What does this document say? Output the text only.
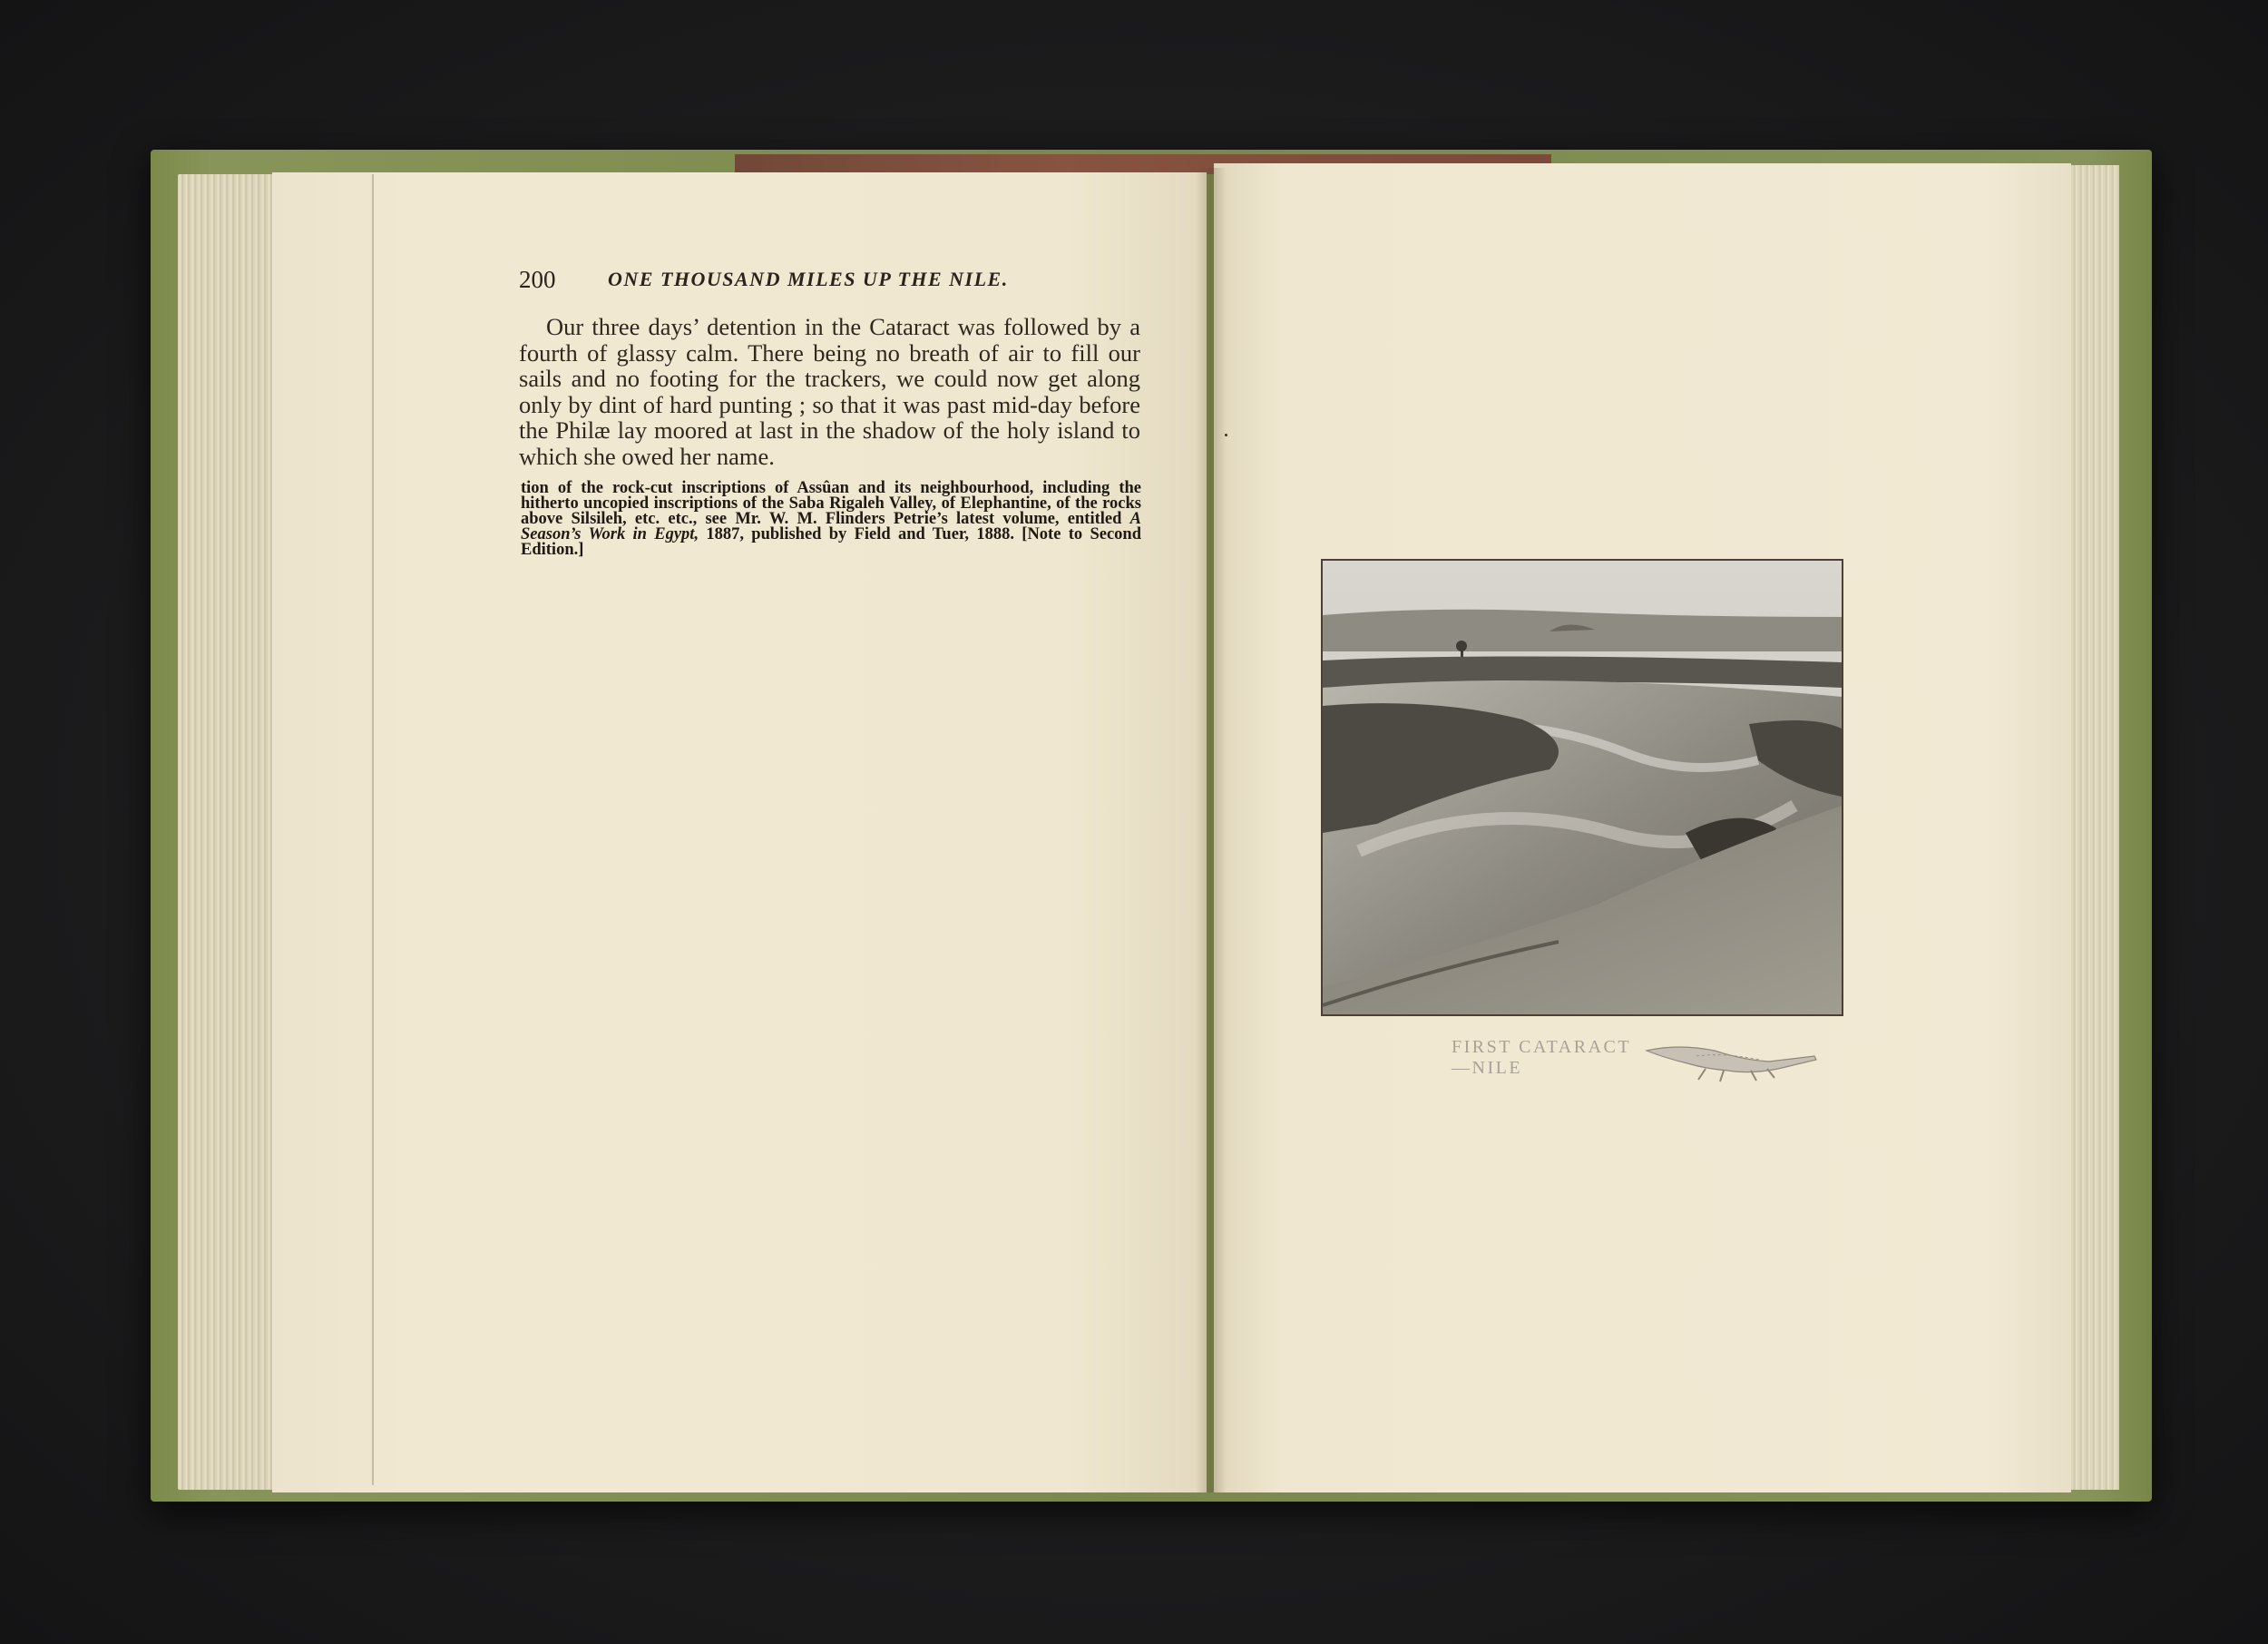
200	ONE THOUSAND MILES UP THE NILE.

Our three days’ detention in the Cataract was followed by a fourth of glassy calm. There being no breath of air to fill our sails and no footing for the trackers, we could now get along only by dint of hard punting ; so that it was past mid-day before the Philæ lay moored at last in the shadow of the holy island to which she owed her name.

tion of the rock-cut inscriptions of Assûan and its neighbourhood, including the hitherto uncopied inscriptions of the Saba Rigaleh Valley, of Elephantine, of the rocks above Silsileh, etc. etc., see Mr. W. M. Flinders Petrie’s latest volume, entitled A Season’s Work in Egypt, 1887, published by Field and Tuer, 1888. [Note to Second Edition.]
FIRST CATARACT—NILE
